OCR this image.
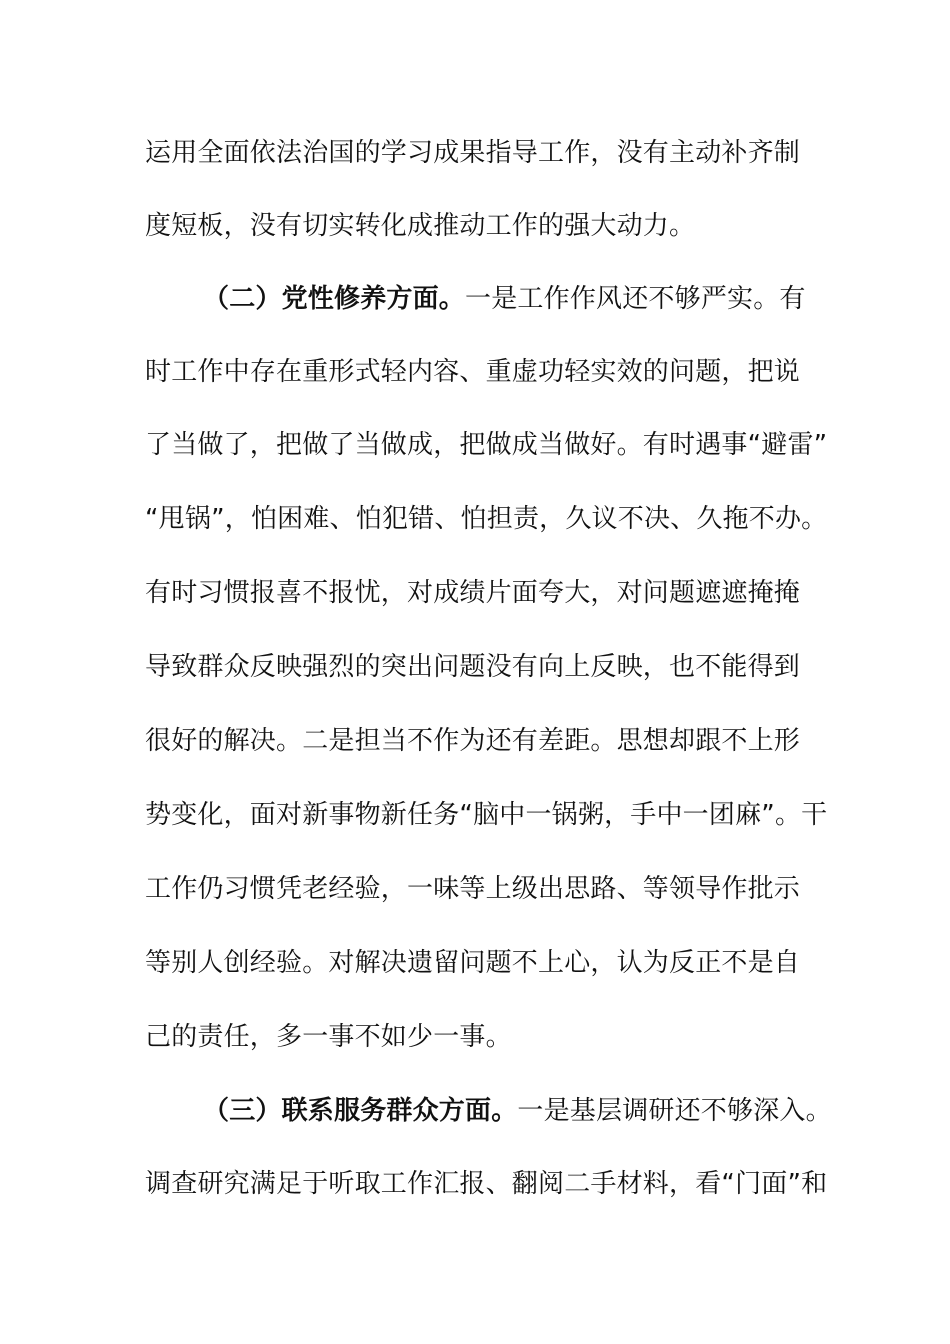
运用全面依法治国的学习成果指导工作，没有主动补齐制
度短板，没有切实转化成推动工作的强大动力。
（二）党性修养方面。一是工作作风还不够严实。有
时工作中存在重形式轻内容、重虚功轻实效的问题，把说
了当做了，把做了当做成，把做成当做好。有时遇事“避雷”
“甩锅”，怕困难、怕犯错、怕担责，久议不决、久拖不办。
有时习惯报喜不报忧，对成绩片面夸大，对问题遮遮掩掩
导致群众反映强烈的突出问题没有向上反映，也不能得到
很好的解决。二是担当不作为还有差距。思想却跟不上形
势变化，面对新事物新任务“脑中一锅粥，手中一团麻”。干
工作仍习惯凭老经验，一味等上级出思路、等领导作批示
等别人创经验。对解决遗留问题不上心，认为反正不是自
己的责任，多一事不如少一事。
（三）联系服务群众方面。一是基层调研还不够深入。
调查研究满足于听取工作汇报、翻阅二手材料，看“门面”和
